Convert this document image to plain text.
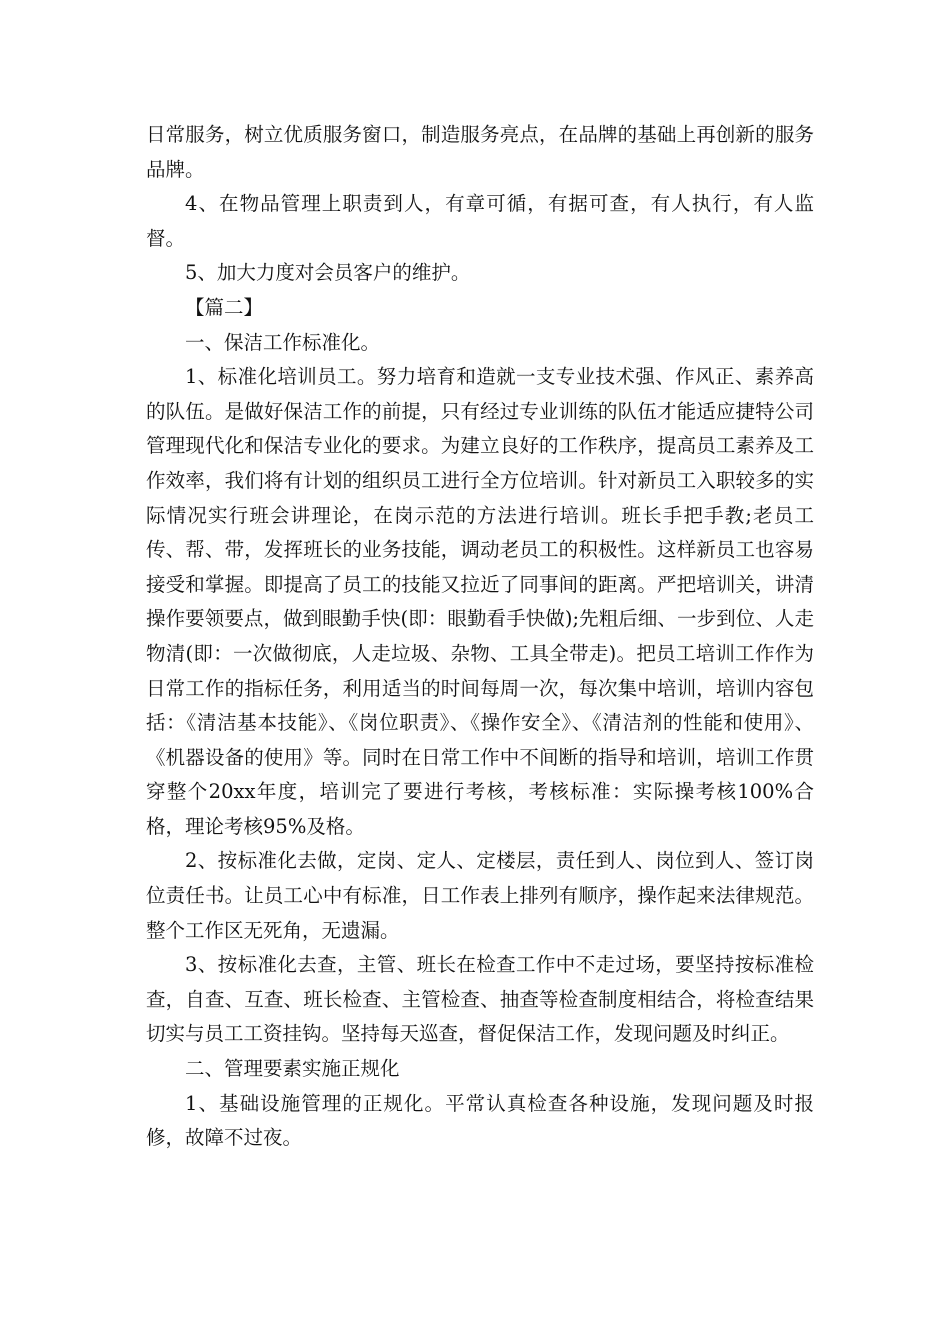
日常服务，树立优质服务窗口，制造服务亮点，在品牌的基础上再创新的服务品牌。

4、在物品管理上职责到人，有章可循，有据可查，有人执行，有人监督。

5、加大力度对会员客户的维护。

【篇二】

一、保洁工作标准化。

1、标准化培训员工。努力培育和造就一支专业技术强、作风正、素养高的队伍。是做好保洁工作的前提，只有经过专业训练的队伍才能适应捷特公司管理现代化和保洁专业化的要求。为建立良好的工作秩序，提高员工素养及工作效率，我们将有计划的组织员工进行全方位培训。针对新员工入职较多的实际情况实行班会讲理论，在岗示范的方法进行培训。班长手把手教;老员工传、帮、带，发挥班长的业务技能，调动老员工的积极性。这样新员工也容易接受和掌握。即提高了员工的技能又拉近了同事间的距离。严把培训关，讲清操作要领要点，做到眼勤手快(即：眼勤看手快做);先粗后细、一步到位、人走物清(即：一次做彻底，人走垃圾、杂物、工具全带走)。把员工培训工作作为日常工作的指标任务，利用适当的时间每周一次，每次集中培训，培训内容包括：《清洁基本技能》、《岗位职责》、《操作安全》、《清洁剂的性能和使用》、《机器设备的使用》等。同时在日常工作中不间断的指导和培训，培训工作贯穿整个20xx年度，培训完了要进行考核，考核标准：实际操考核100%合格，理论考核95%及格。

2、按标准化去做，定岗、定人、定楼层，责任到人、岗位到人、签订岗位责任书。让员工心中有标准，日工作表上排列有顺序，操作起来法律规范。整个工作区无死角，无遗漏。

3、按标准化去查，主管、班长在检查工作中不走过场，要坚持按标准检查，自查、互查、班长检查、主管检查、抽查等检查制度相结合，将检查结果切实与员工工资挂钩。坚持每天巡查，督促保洁工作，发现问题及时纠正。

二、管理要素实施正规化

1、基础设施管理的正规化。平常认真检查各种设施，发现问题及时报修，故障不过夜。
